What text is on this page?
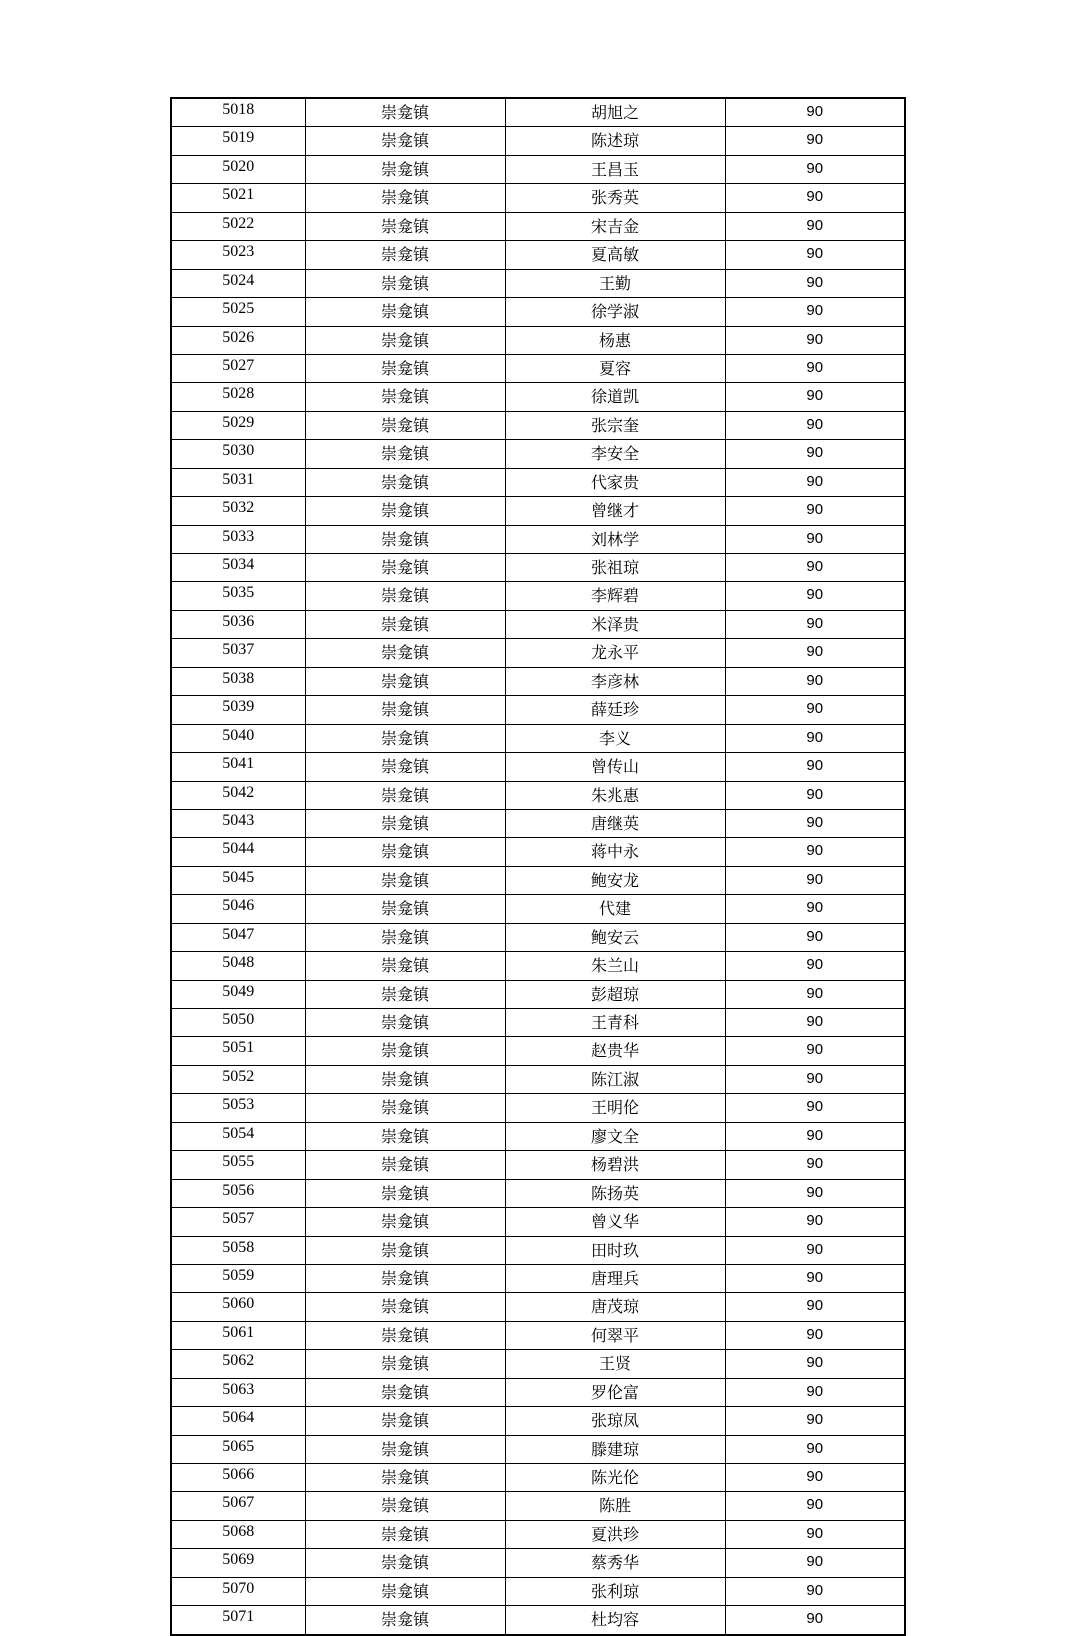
5018	崇龛镇	胡旭之	90
5019	崇龛镇	陈述琼	90
5020	崇龛镇	王昌玉	90
5021	崇龛镇	张秀英	90
5022	崇龛镇	宋吉金	90
5023	崇龛镇	夏高敏	90
5024	崇龛镇	王勤	90
5025	崇龛镇	徐学淑	90
5026	崇龛镇	杨惠	90
5027	崇龛镇	夏容	90
5028	崇龛镇	徐道凯	90
5029	崇龛镇	张宗奎	90
5030	崇龛镇	李安全	90
5031	崇龛镇	代家贵	90
5032	崇龛镇	曾继才	90
5033	崇龛镇	刘林学	90
5034	崇龛镇	张祖琼	90
5035	崇龛镇	李辉碧	90
5036	崇龛镇	米泽贵	90
5037	崇龛镇	龙永平	90
5038	崇龛镇	李彦林	90
5039	崇龛镇	薛廷珍	90
5040	崇龛镇	李义	90
5041	崇龛镇	曾传山	90
5042	崇龛镇	朱兆惠	90
5043	崇龛镇	唐继英	90
5044	崇龛镇	蒋中永	90
5045	崇龛镇	鲍安龙	90
5046	崇龛镇	代建	90
5047	崇龛镇	鲍安云	90
5048	崇龛镇	朱兰山	90
5049	崇龛镇	彭超琼	90
5050	崇龛镇	王青科	90
5051	崇龛镇	赵贵华	90
5052	崇龛镇	陈江淑	90
5053	崇龛镇	王明伦	90
5054	崇龛镇	廖文全	90
5055	崇龛镇	杨碧洪	90
5056	崇龛镇	陈扬英	90
5057	崇龛镇	曾义华	90
5058	崇龛镇	田时玖	90
5059	崇龛镇	唐理兵	90
5060	崇龛镇	唐茂琼	90
5061	崇龛镇	何翠平	90
5062	崇龛镇	王贤	90
5063	崇龛镇	罗伦富	90
5064	崇龛镇	张琼凤	90
5065	崇龛镇	滕建琼	90
5066	崇龛镇	陈光伦	90
5067	崇龛镇	陈胜	90
5068	崇龛镇	夏洪珍	90
5069	崇龛镇	蔡秀华	90
5070	崇龛镇	张利琼	90
5071	崇龛镇	杜均容	90
